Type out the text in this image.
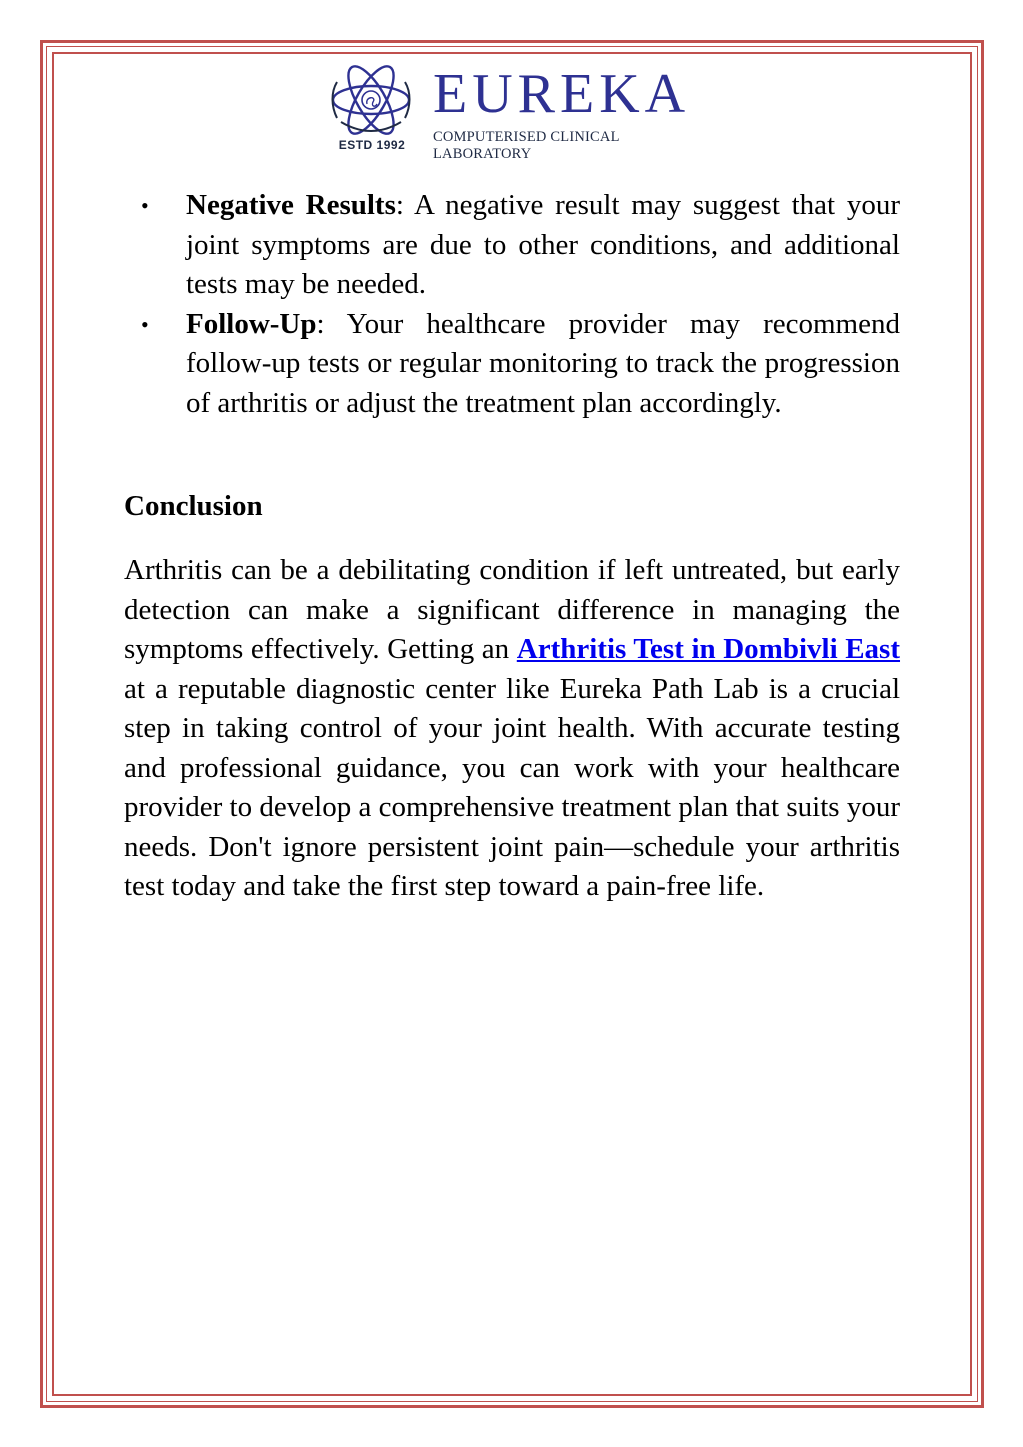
ESTD 1992
EUREKA
COMPUTERISED CLINICAL LABORATORY
• Negative Results: A negative result may suggest that your joint symptoms are due to other conditions, and additional tests may be needed.
• Follow-Up: Your healthcare provider may recommend follow-up tests or regular monitoring to track the progression of arthritis or adjust the treatment plan accordingly.
Conclusion

Arthritis can be a debilitating condition if left untreated, but early detection can make a significant difference in managing the symptoms effectively. Getting an Arthritis Test in Dombivli East at a reputable diagnostic center like Eureka Path Lab is a crucial step in taking control of your joint health. With accurate testing and professional guidance, you can work with your healthcare provider to develop a comprehensive treatment plan that suits your needs. Don't ignore persistent joint pain—schedule your arthritis test today and take the first step toward a pain-free life.
